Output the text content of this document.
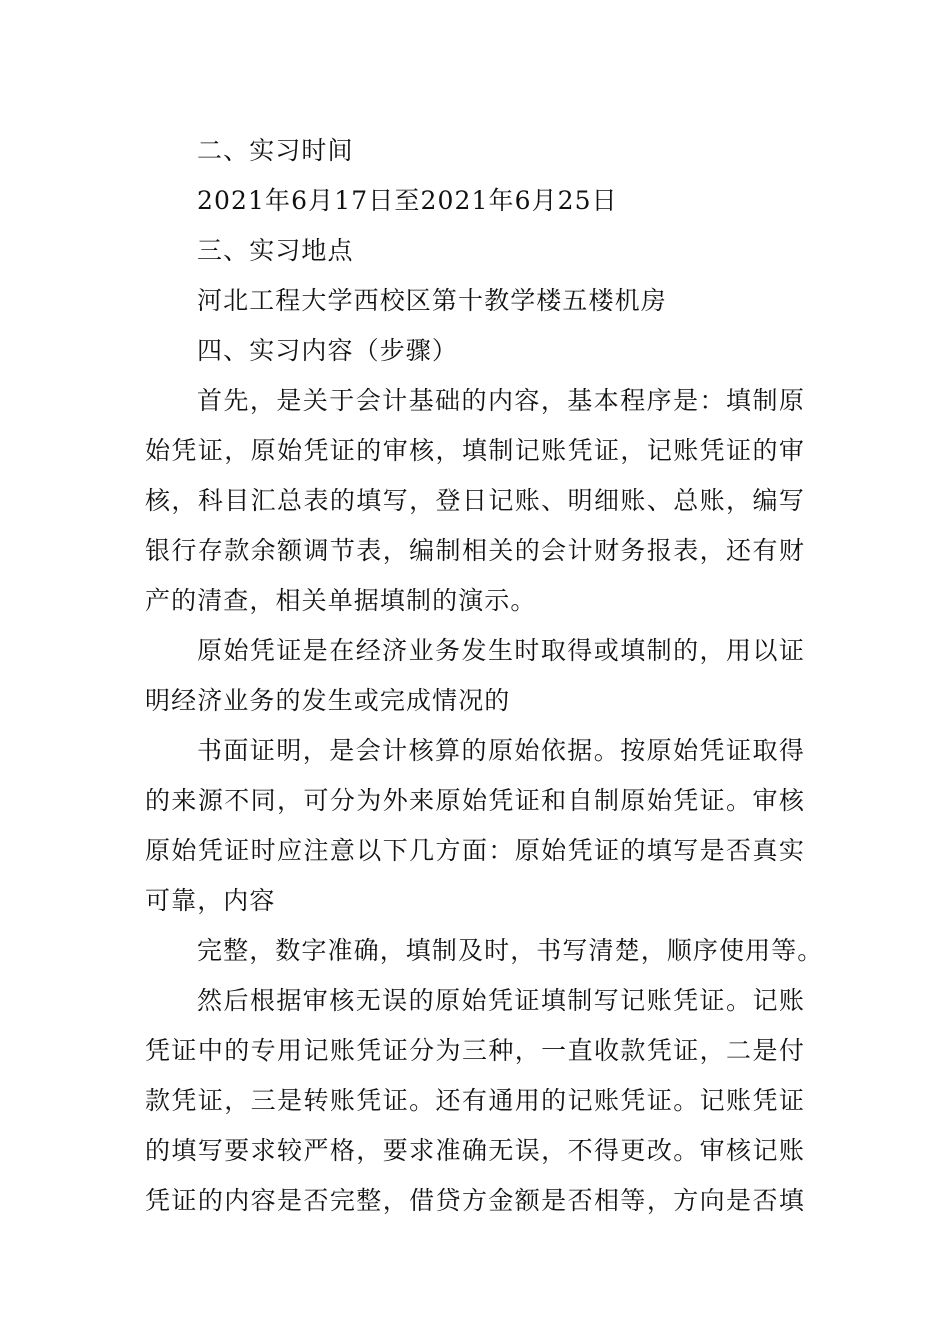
二、实习时间
2021年6月17日至2021年6月25日
三、实习地点
河北工程大学西校区第十教学楼五楼机房
四、实习内容（步骤）
首先，是关于会计基础的内容，基本程序是：填制原
始凭证，原始凭证的审核，填制记账凭证，记账凭证的审
核，科目汇总表的填写，登日记账、明细账、总账，编写
银行存款余额调节表，编制相关的会计财务报表，还有财
产的清查，相关单据填制的演示。
原始凭证是在经济业务发生时取得或填制的，用以证
明经济业务的发生或完成情况的
书面证明，是会计核算的原始依据。按原始凭证取得
的来源不同，可分为外来原始凭证和自制原始凭证。审核
原始凭证时应注意以下几方面：原始凭证的填写是否真实
可靠，内容
完整，数字准确，填制及时，书写清楚，顺序使用等。
然后根据审核无误的原始凭证填制写记账凭证。记账
凭证中的专用记账凭证分为三种，一直收款凭证，二是付
款凭证，三是转账凭证。还有通用的记账凭证。记账凭证
的填写要求较严格，要求准确无误，不得更改。审核记账
凭证的内容是否完整，借贷方金额是否相等，方向是否填
